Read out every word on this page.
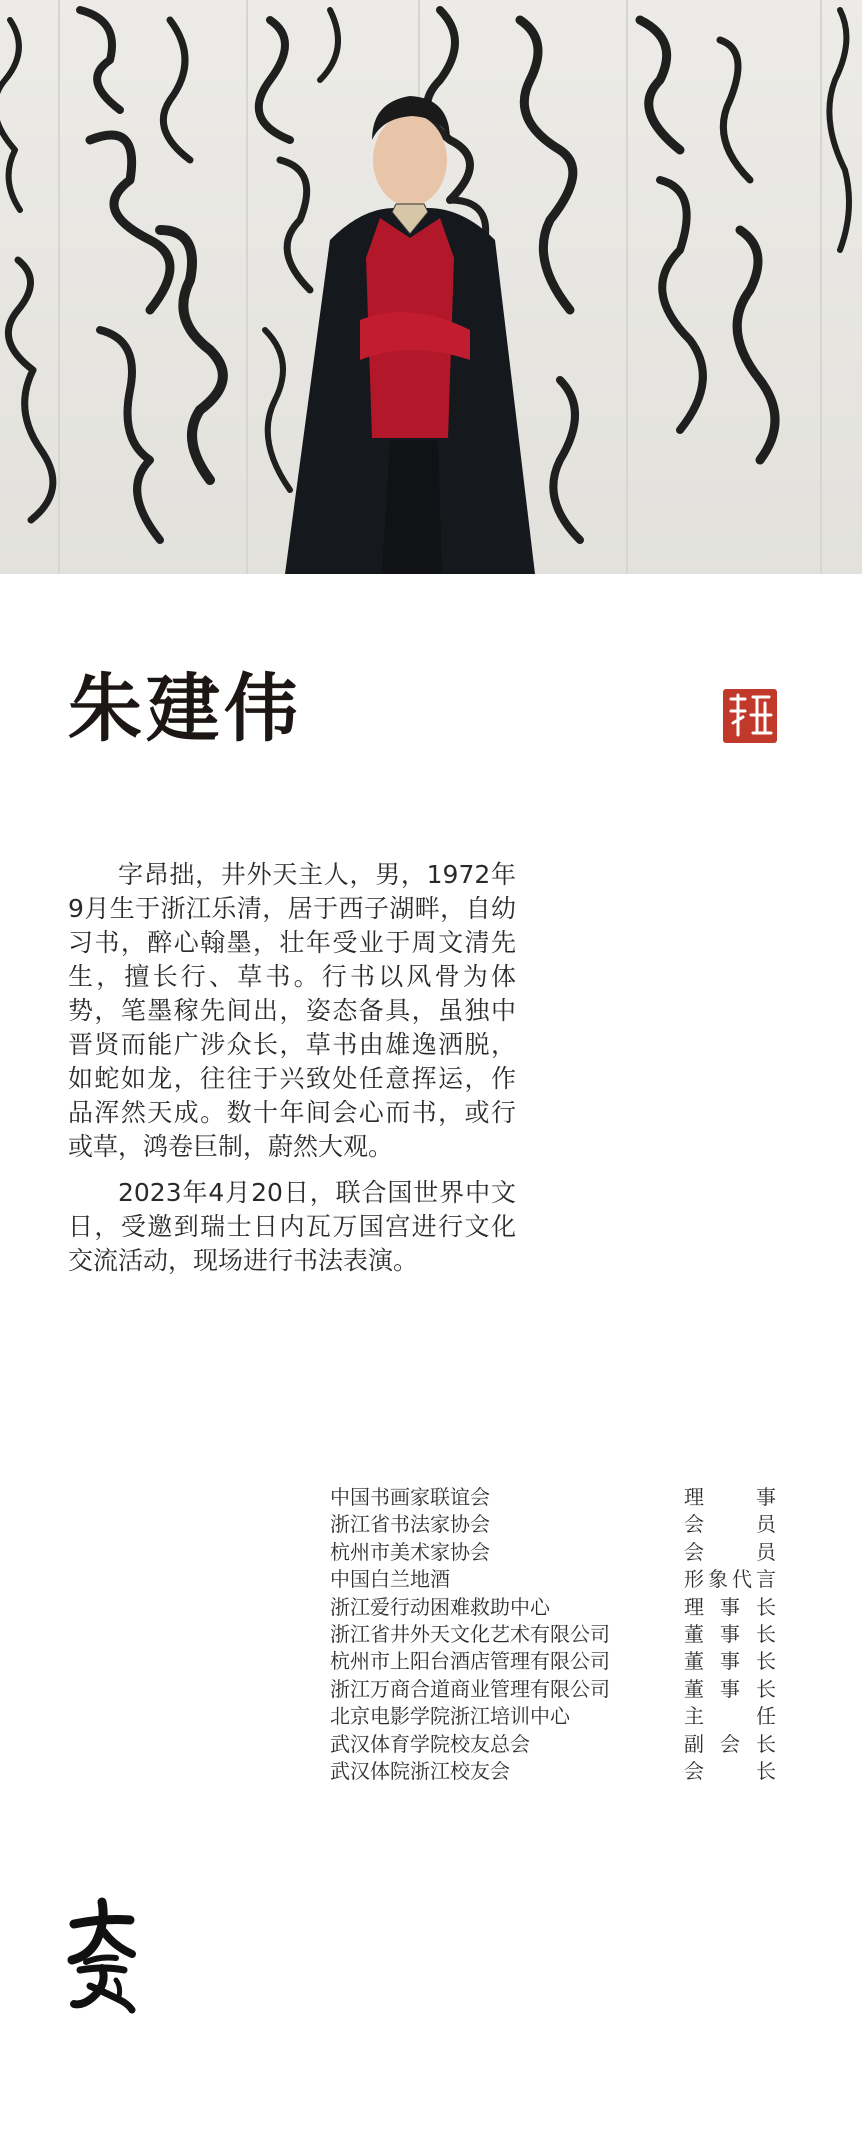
朱建伟

字昂拙，井外天主人，男，1972年9月生于浙江乐清，居于西子湖畔，自幼习书，醉心翰墨，壮年受业于周文清先生，擅长行、草书。行书以风骨为体势，笔墨稼先间出，姿态备具，虽独中晋贤而能广涉众长，草书由雄逸洒脱，如蛇如龙，往往于兴致处任意挥运，作品浑然天成。数十年间会心而书，或行或草，鸿卷巨制，蔚然大观。

2023年4月20日，联合国世界中文日，受邀到瑞士日内瓦万国宫进行文化交流活动，现场进行书法表演。

中国书画家联谊会	理事
浙江省书法家协会	会员
杭州市美术家协会	会员
中国白兰地酒	形象代言
浙江爱行动困难救助中心	理事长
浙江省井外天文化艺术有限公司	董事长
杭州市上阳台酒店管理有限公司	董事长
浙江万商合道商业管理有限公司	董事长
北京电影学院浙江培训中心	主任
武汉体育学院校友总会	副会长
武汉体院浙江校友会	会长
